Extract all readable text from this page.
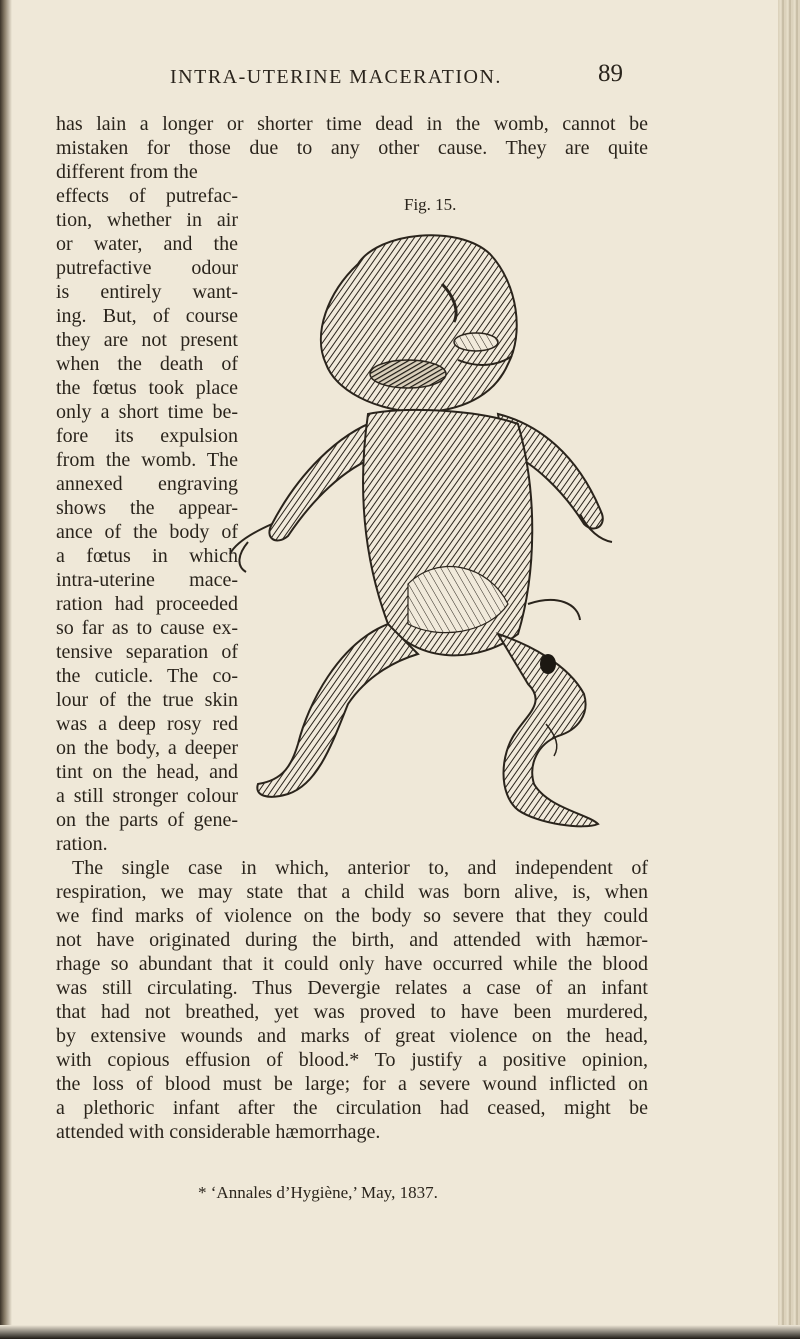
INTRA-UTERINE MACERATION.	89
has lain a longer or shorter time dead in the womb, cannot be
mistaken for those due to any other cause. They are quite
different from the
effects of putrefac-
tion, whether in air
or water, and the
putrefactive odour
is entirely want-
ing. But, of course
they are not present
when the death of
the fœtus took place
only a short time be-
fore its expulsion
from the womb. The
annexed engraving
shows the appear-
ance of the body of
a fœtus in which
intra-uterine mace-
ration had proceeded
so far as to cause ex-
tensive separation of
the cuticle. The co-
lour of the true skin
was a deep rosy red
on the body, a deeper
tint on the head, and
a still stronger colour
on the parts of gene-
ration.
The single case in which, anterior to, and independent of
respiration, we may state that a child was born alive, is, when
we find marks of violence on the body so severe that they could
not have originated during the birth, and attended with hæmor-
rhage so abundant that it could only have occurred while the blood
was still circulating. Thus Devergie relates a case of an infant
that had not breathed, yet was proved to have been murdered,
by extensive wounds and marks of great violence on the head,
with copious effusion of blood.* To justify a positive opinion,
the loss of blood must be large; for a severe wound inflicted on
a plethoric infant after the circulation had ceased, might be
attended with considerable hæmorrhage.
Fig. 15.
* ‘Annales d’Hygiène,’ May, 1837.
